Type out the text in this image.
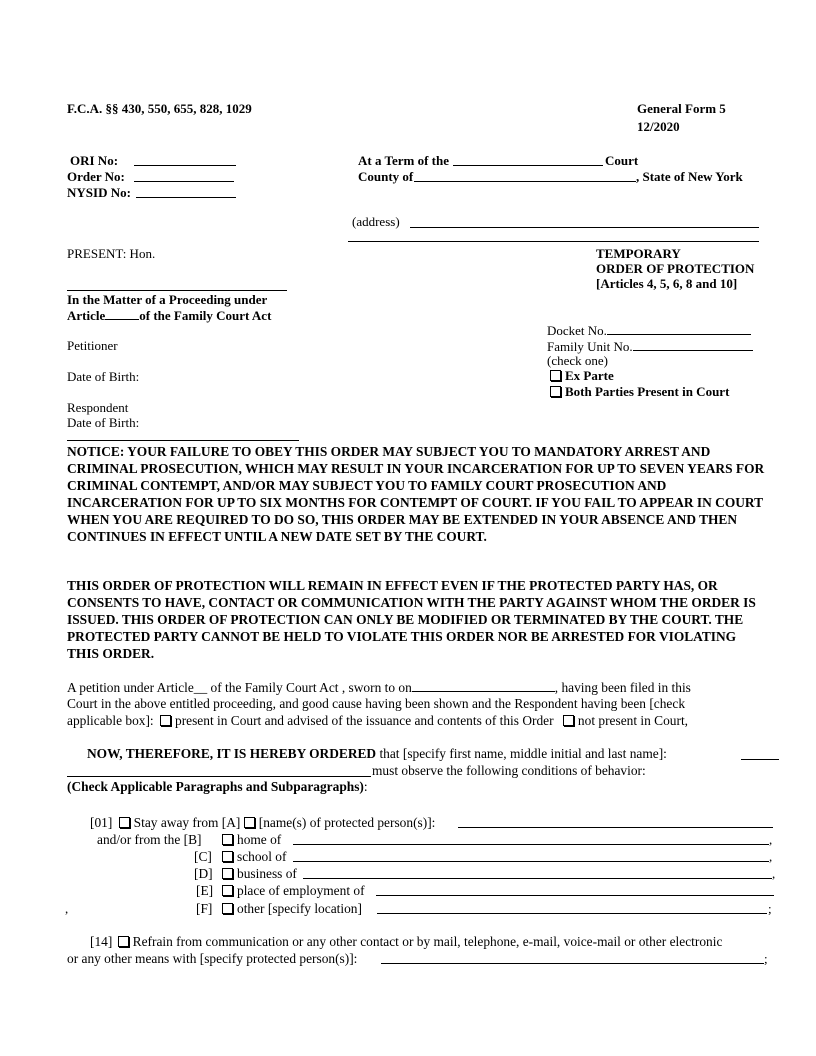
F.C.A. §§ 430, 550, 655, 828, 1029	General Form 5
12/2020
ORI No:
Order No:
NYSID No:
At a Term of the	Court
County of	, State of New York
(address)
PRESENT: Hon.	TEMPORARY
ORDER OF PROTECTION
[Articles 4, 5, 6, 8 and 10]
In the Matter of a Proceeding under
Article	of the Family Court Act
Petitioner
Date of Birth:
Respondent
Date of Birth:
Docket No.
Family Unit No.
(check one)
Ex Parte
Both Parties Present in Court
NOTICE: YOUR FAILURE TO OBEY THIS ORDER MAY SUBJECT YOU TO MANDATORY ARREST AND CRIMINAL PROSECUTION, WHICH MAY RESULT IN YOUR INCARCERATION FOR UP TO SEVEN YEARS FOR CRIMINAL CONTEMPT, AND/OR MAY SUBJECT YOU TO FAMILY COURT PROSECUTION AND INCARCERATION FOR UP TO SIX MONTHS FOR CONTEMPT OF COURT. IF YOU FAIL TO APPEAR IN COURT WHEN YOU ARE REQUIRED TO DO SO, THIS ORDER MAY BE EXTENDED IN YOUR ABSENCE AND THEN CONTINUES IN EFFECT UNTIL A NEW DATE SET BY THE COURT.
THIS ORDER OF PROTECTION WILL REMAIN IN EFFECT EVEN IF THE PROTECTED PARTY HAS, OR CONSENTS TO HAVE, CONTACT OR COMMUNICATION WITH THE PARTY AGAINST WHOM THE ORDER IS ISSUED. THIS ORDER OF PROTECTION CAN ONLY BE MODIFIED OR TERMINATED BY THE COURT. THE PROTECTED PARTY CANNOT BE HELD TO VIOLATE THIS ORDER NOR BE ARRESTED FOR VIOLATING THIS ORDER.
A petition under Article__ of the Family Court Act , sworn to on	, having been filed in this
Court in the above entitled proceeding, and good cause having been shown and the Respondent having been [check
applicable box]: present in Court and advised of the issuance and contents of this Order not present in Court,
NOW, THEREFORE, IT IS HEREBY ORDERED that [specify first name, middle initial and last name]:
must observe the following conditions of behavior:
(Check Applicable Paragraphs and Subparagraphs):
[01] Stay away from [A] [name(s) of protected person(s)]:
and/or from the [B]	home of	,
[C]	school of	,
[D]	business of	,
[E]	place of employment of
,	[F]	other [specify location]	;
[14] Refrain from communication or any other contact or by mail, telephone, e-mail, voice-mail or other electronic
or any other means with [specify protected person(s)]:	;
